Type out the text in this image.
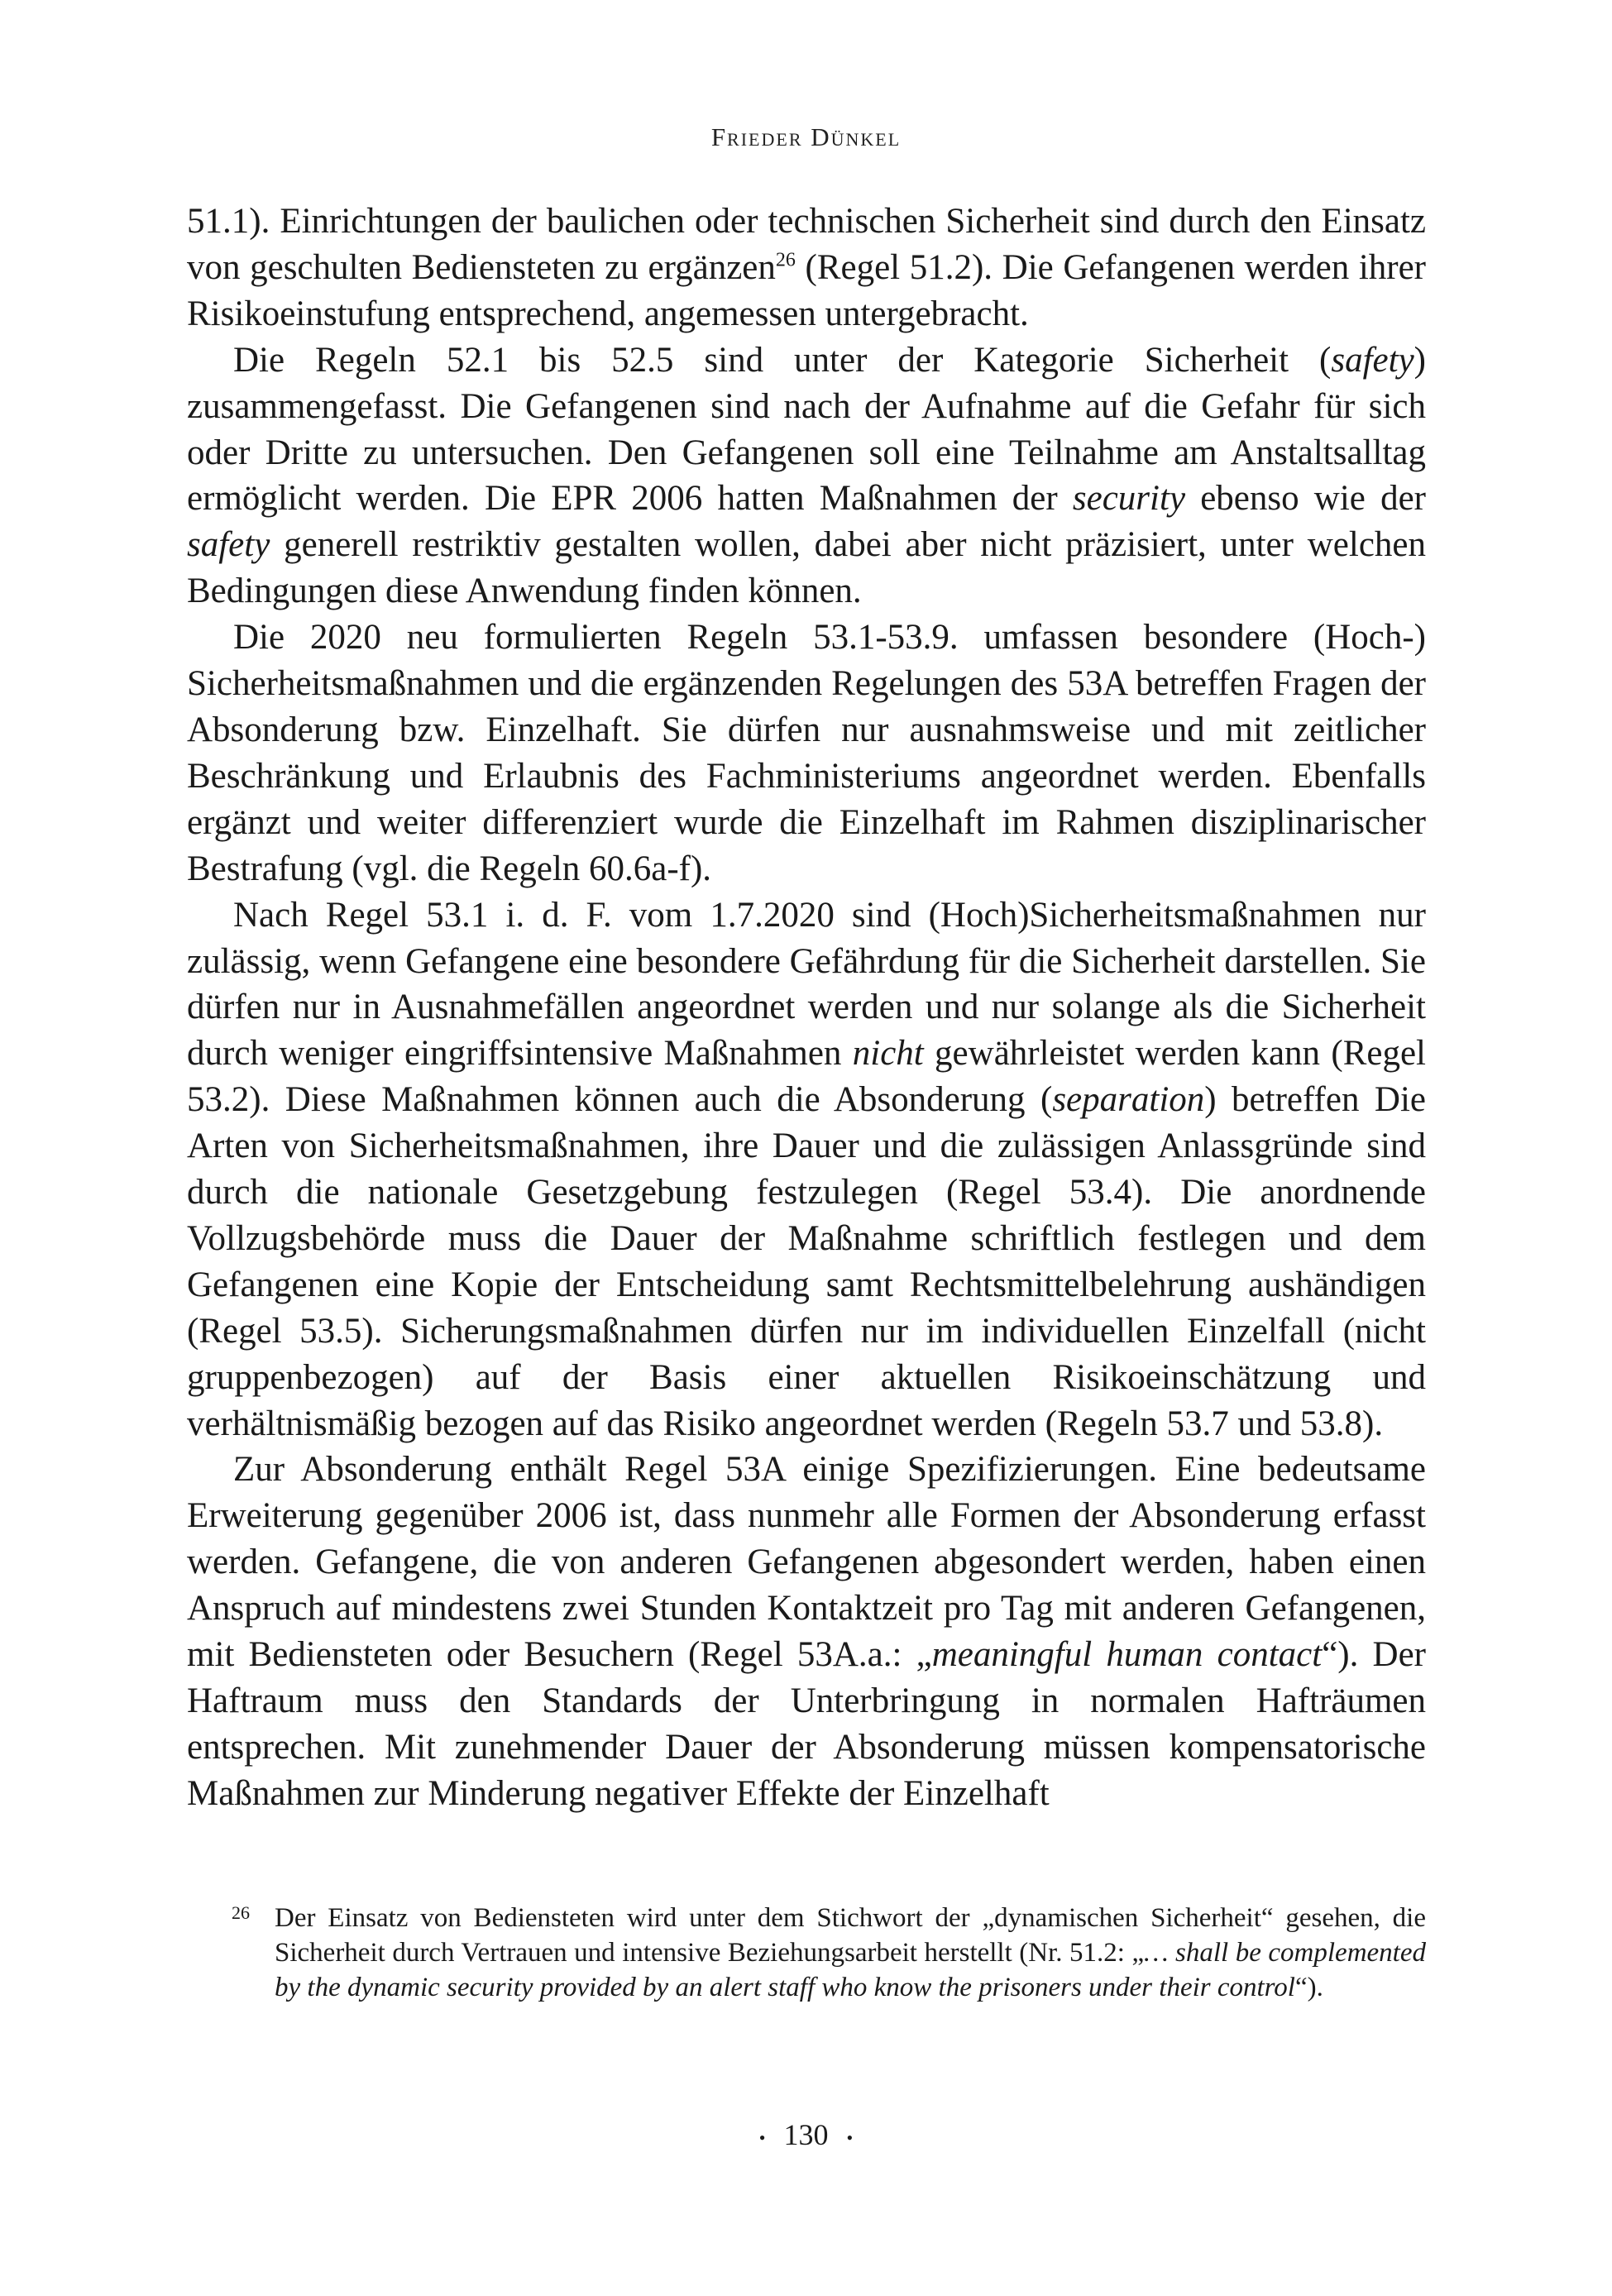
Frieder Dünkel

51.1). Einrichtungen der baulichen oder technischen Sicherheit sind durch den Einsatz von geschulten Bediensteten zu ergänzen$^{26}$ (Regel 51.2). Die Gefangenen werden ihrer Risikoeinstufung entsprechend, angemessen untergebracht.

Die Regeln 52.1 bis 52.5 sind unter der Kategorie Sicherheit (safety) zusammengefasst. Die Gefangenen sind nach der Aufnahme auf die Gefahr für sich oder Dritte zu untersuchen. Den Gefangenen soll eine Teilnahme am Anstaltsalltag ermöglicht werden. Die EPR 2006 hatten Maßnahmen der security ebenso wie der safety generell restriktiv gestalten wollen, dabei aber nicht präzisiert, unter welchen Bedingungen diese Anwendung finden können.

Die 2020 neu formulierten Regeln 53.1-53.9. umfassen besondere (Hoch-) Sicherheitsmaßnahmen und die ergänzenden Regelungen des 53A betreffen Fragen der Absonderung bzw. Einzelhaft. Sie dürfen nur ausnahmsweise und mit zeitlicher Beschränkung und Erlaubnis des Fachministeriums angeordnet werden. Ebenfalls ergänzt und weiter differenziert wurde die Einzelhaft im Rahmen disziplinarischer Bestrafung (vgl. die Regeln 60.6a-f).

Nach Regel 53.1 i. d. F. vom 1.7.2020 sind (Hoch)Sicherheitsmaßnahmen nur zulässig, wenn Gefangene eine besondere Gefährdung für die Sicherheit darstellen. Sie dürfen nur in Ausnahmefällen angeordnet werden und nur solange als die Sicherheit durch weniger eingriffsintensive Maßnahmen nicht gewährleistet werden kann (Regel 53.2). Diese Maßnahmen können auch die Absonderung (separation) betreffen Die Arten von Sicherheitsmaßnahmen, ihre Dauer und die zulässigen Anlassgründe sind durch die nationale Gesetzgebung festzulegen (Regel 53.4). Die anordnende Vollzugsbehörde muss die Dauer der Maßnahme schriftlich festlegen und dem Gefangenen eine Kopie der Entscheidung samt Rechtsmittelbelehrung aushändigen (Regel 53.5). Sicherungsmaßnahmen dürfen nur im individuellen Einzelfall (nicht gruppenbezogen) auf der Basis einer aktuellen Risikoeinschätzung und verhältnismäßig bezogen auf das Risiko angeordnet werden (Regeln 53.7 und 53.8).

Zur Absonderung enthält Regel 53A einige Spezifizierungen. Eine bedeutsame Erweiterung gegenüber 2006 ist, dass nunmehr alle Formen der Absonderung erfasst werden. Gefangene, die von anderen Gefangenen abgesondert werden, haben einen Anspruch auf mindestens zwei Stunden Kontaktzeit pro Tag mit anderen Gefangenen, mit Bediensteten oder Besuchern (Regel 53A.a.: „meaningful human contact“). Der Haftraum muss den Standards der Unterbringung in normalen Hafträumen entsprechen. Mit zunehmender Dauer der Absonderung müssen kompensatorische Maßnahmen zur Minderung negativer Effekte der Einzelhaft

26 Der Einsatz von Bediensteten wird unter dem Stichwort der „dynamischen Sicherheit“ gesehen, die Sicherheit durch Vertrauen und intensive Beziehungsarbeit herstellt (Nr. 51.2: „… shall be complemented by the dynamic security provided by an alert staff who know the prisoners under their control“).
• 130 •
